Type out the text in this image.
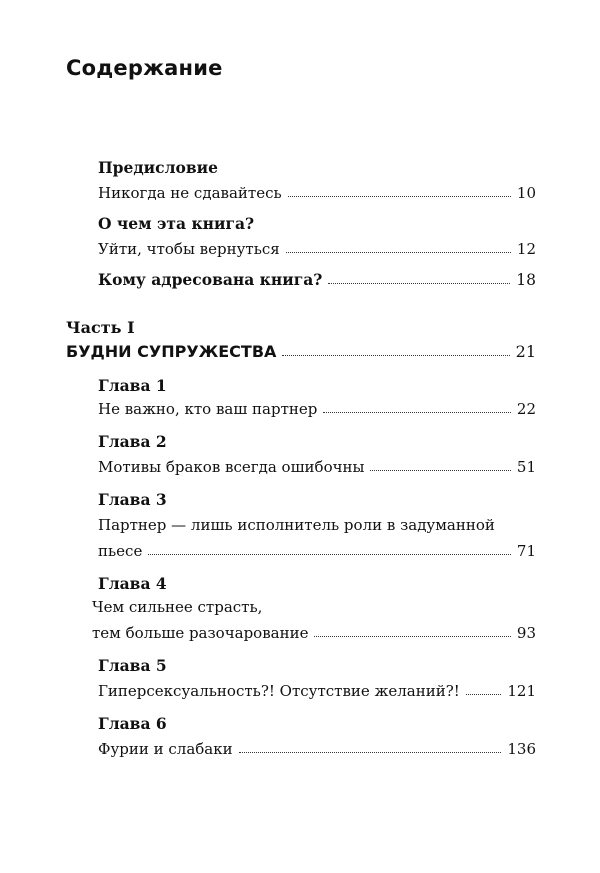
Содержание
Предисловие
Никогда не сдавайтесь	10
О чем эта книга?
Уйти, чтобы вернуться	12
Кому адресована книга?	18
Часть I
БУДНИ СУПРУЖЕСТВА	21
Глава 1
Не важно, кто ваш партнер	22
Глава 2
Мотивы браков всегда ошибочны	51
Глава 3
Партнер — лишь исполнитель роли в задуманной
пьесе	71
Глава 4
Чем сильнее страсть,
тем больше разочарование	93
Глава 5
Гиперсексуальность?! Отсутствие желаний?!	121
Глава 6
Фурии и слабаки	136
